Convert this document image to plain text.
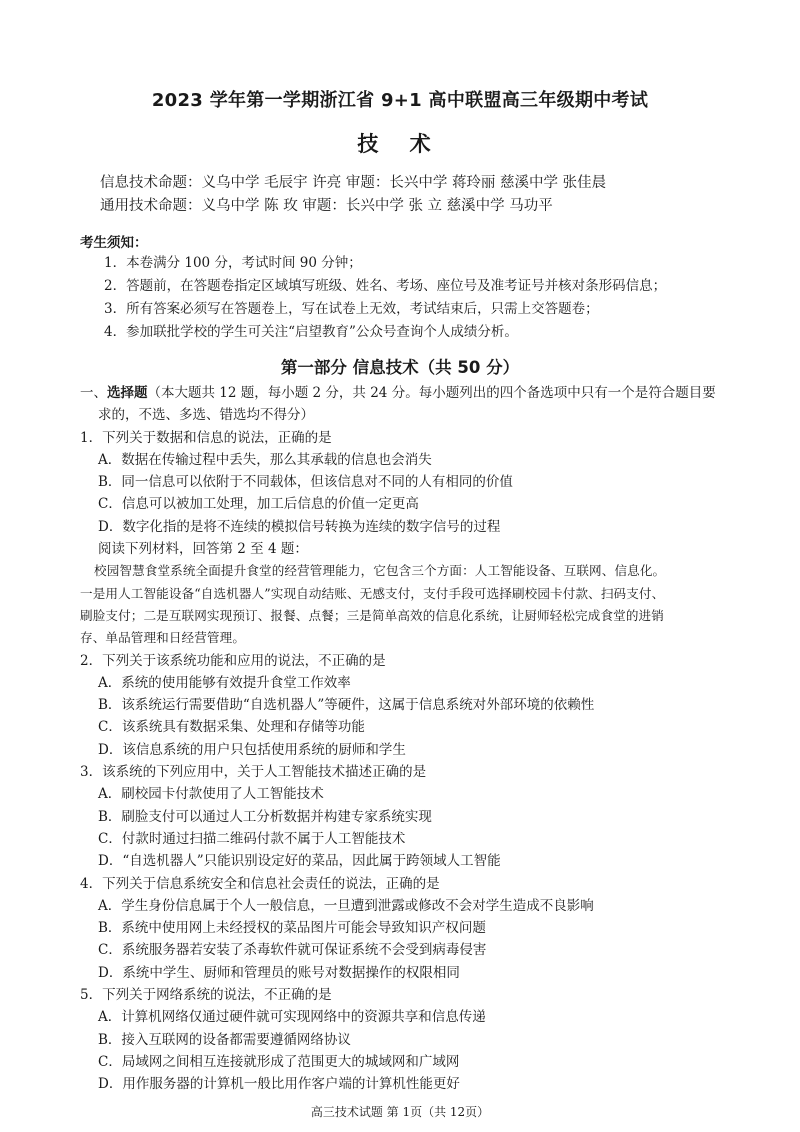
2023 学年第一学期浙江省 9+1 高中联盟高三年级期中考试
技 术
信息技术命题：义乌中学 毛辰宇 许亮 审题：长兴中学 蒋玲丽 慈溪中学 张佳晨
通用技术命题：义乌中学 陈 玫 审题：长兴中学 张 立 慈溪中学 马功平
考生须知：
1．本卷满分 100 分，考试时间 90 分钟；
2．答题前，在答题卷指定区域填写班级、姓名、考场、座位号及准考证号并核对条形码信息；
3．所有答案必须写在答题卷上，写在试卷上无效，考试结束后，只需上交答题卷；
4．参加联批学校的学生可关注“启望教育”公众号查询个人成绩分析。
第一部分 信息技术（共 50 分）
一、选择题（本大题共 12 题，每小题 2 分，共 24 分。每小题列出的四个备选项中只有一个是符合题目要
求的，不选、多选、错选均不得分）
1．下列关于数据和信息的说法，正确的是
A．数据在传输过程中丢失，那么其承载的信息也会消失
B．同一信息可以依附于不同载体，但该信息对不同的人有相同的价值
C．信息可以被加工处理，加工后信息的价值一定更高
D．数字化指的是将不连续的模拟信号转换为连续的数字信号的过程
阅读下列材料，回答第 2 至 4 题：
校园智慧食堂系统全面提升食堂的经营管理能力，它包含三个方面：人工智能设备、互联网、信息化。
一是用人工智能设备“自选机器人”实现自动结账、无感支付，支付手段可选择刷校园卡付款、扫码支付、
刷脸支付；二是互联网实现预订、报餐、点餐；三是简单高效的信息化系统，让厨师轻松完成食堂的进销
存、单品管理和日经营管理。
2．下列关于该系统功能和应用的说法，不正确的是
A．系统的使用能够有效提升食堂工作效率
B．该系统运行需要借助“自选机器人”等硬件，这属于信息系统对外部环境的依赖性
C．该系统具有数据采集、处理和存储等功能
D．该信息系统的用户只包括使用系统的厨师和学生
3．该系统的下列应用中，关于人工智能技术描述正确的是
A．刷校园卡付款使用了人工智能技术
B．刷脸支付可以通过人工分析数据并构建专家系统实现
C．付款时通过扫描二维码付款不属于人工智能技术
D．“自选机器人”只能识别设定好的菜品，因此属于跨领域人工智能
4．下列关于信息系统安全和信息社会责任的说法，正确的是
A．学生身份信息属于个人一般信息，一旦遭到泄露或修改不会对学生造成不良影响
B．系统中使用网上未经授权的菜品图片可能会导致知识产权问题
C．系统服务器若安装了杀毒软件就可保证系统不会受到病毒侵害
D．系统中学生、厨师和管理员的账号对数据操作的权限相同
5．下列关于网络系统的说法，不正确的是
A．计算机网络仅通过硬件就可实现网络中的资源共享和信息传递
B．接入互联网的设备都需要遵循网络协议
C．局域网之间相互连接就形成了范围更大的城域网和广域网
D．用作服务器的计算机一般比用作客户端的计算机性能更好
高三技术试题 第 1页（共 12页）
